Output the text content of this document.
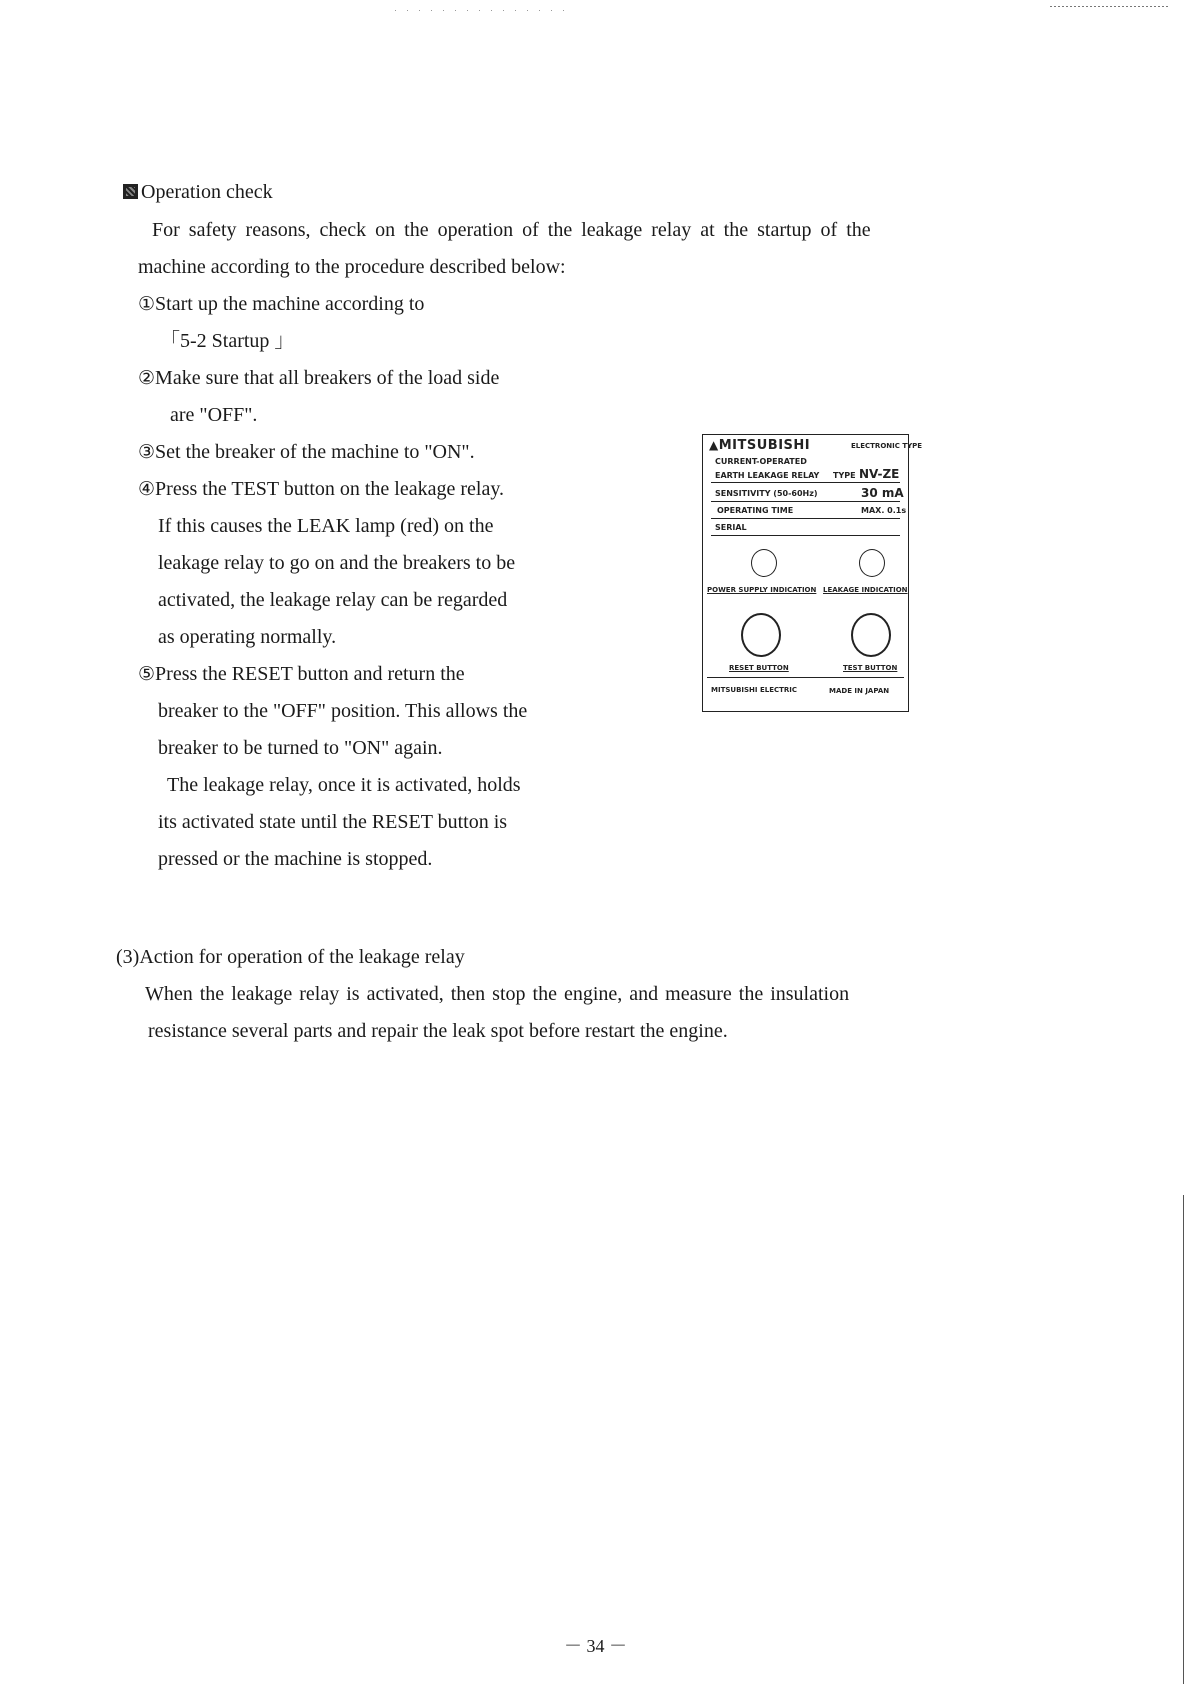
Operation check
For safety reasons, check on the operation of the leakage relay at the startup of the
machine according to the procedure described below:
①Start up the machine according to
「5-2 Startup 」
②Make sure that all breakers of the load side
are "OFF".
③Set the breaker of the machine to "ON".
④Press the TEST button on the leakage relay.
If this causes the LEAK lamp (red) on the
leakage relay to go on and the breakers to be
activated, the leakage relay can be regarded
as operating normally.
⑤Press the RESET button and return the
breaker to the "OFF" position. This allows the
breaker to be turned to "ON" again.
The leakage relay, once it is activated, holds
its activated state until the RESET button is
pressed or the machine is stopped.
(3)Action for operation of the leakage relay
When the leakage relay is activated, then stop the engine, and measure the insulation
resistance several parts and repair the leak spot before restart the engine.
▲MITSUBISHI	ELECTRONIC TYPE
CURRENT-OPERATED
EARTH LEAKAGE RELAY TYPE NV-ZE
SENSITIVITY (50-60Hz)	30 mA
OPERATING TIME	MAX. 0.1s
SERIAL
POWER SUPPLY INDICATION LEAKAGE INDICATION
RESET BUTTON	TEST BUTTON
MITSUBISHI ELECTRIC	MADE IN JAPAN
－ 34 －
